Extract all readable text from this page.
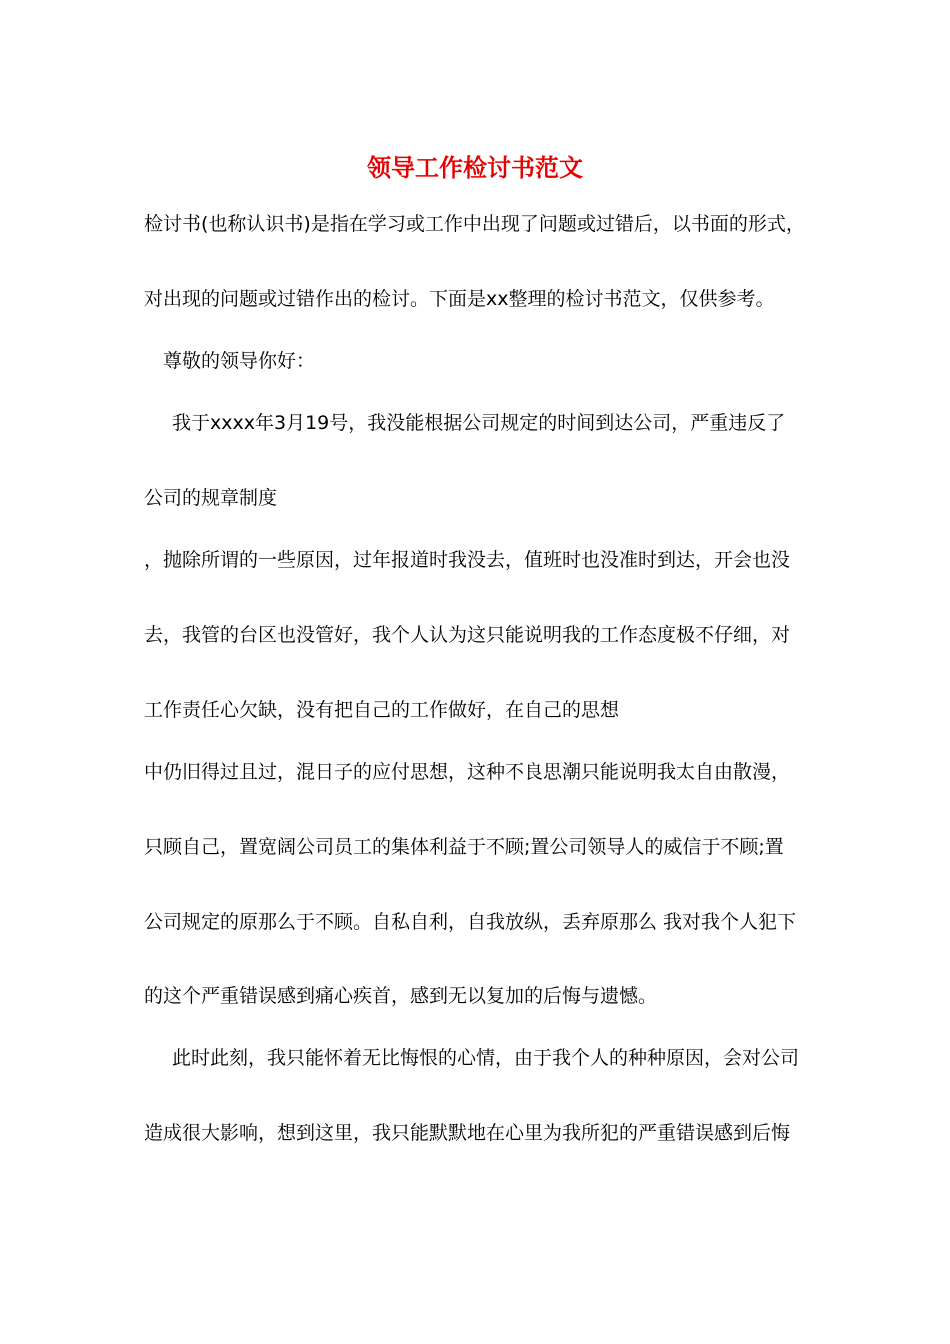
领导工作检讨书范文
检讨书(也称认识书)是指在学习或工作中出现了问题或过错后，以书面的形式，
对出现的问题或过错作出的检讨。下面是xx整理的检讨书范文，仅供参考。
尊敬的领导你好：
我于xxxx年3月19号，我没能根据公司规定的时间到达公司，严重违反了
公司的规章制度
，抛除所谓的一些原因，过年报道时我没去，值班时也没准时到达，开会也没
去，我管的台区也没管好，我个人认为这只能说明我的工作态度极不仔细，对
工作责任心欠缺，没有把自己的工作做好，在自己的思想
中仍旧得过且过，混日子的应付思想，这种不良思潮只能说明我太自由散漫，
只顾自己，置宽阔公司员工的集体利益于不顾;置公司领导人的威信于不顾;置
公司规定的原那么于不顾。自私自利，自我放纵，丢弃原那么 我对我个人犯下
的这个严重错误感到痛心疾首，感到无以复加的后悔与遗憾。
此时此刻，我只能怀着无比悔恨的心情，由于我个人的种种原因，会对公司
造成很大影响，想到这里，我只能默默地在心里为我所犯的严重错误感到后悔
